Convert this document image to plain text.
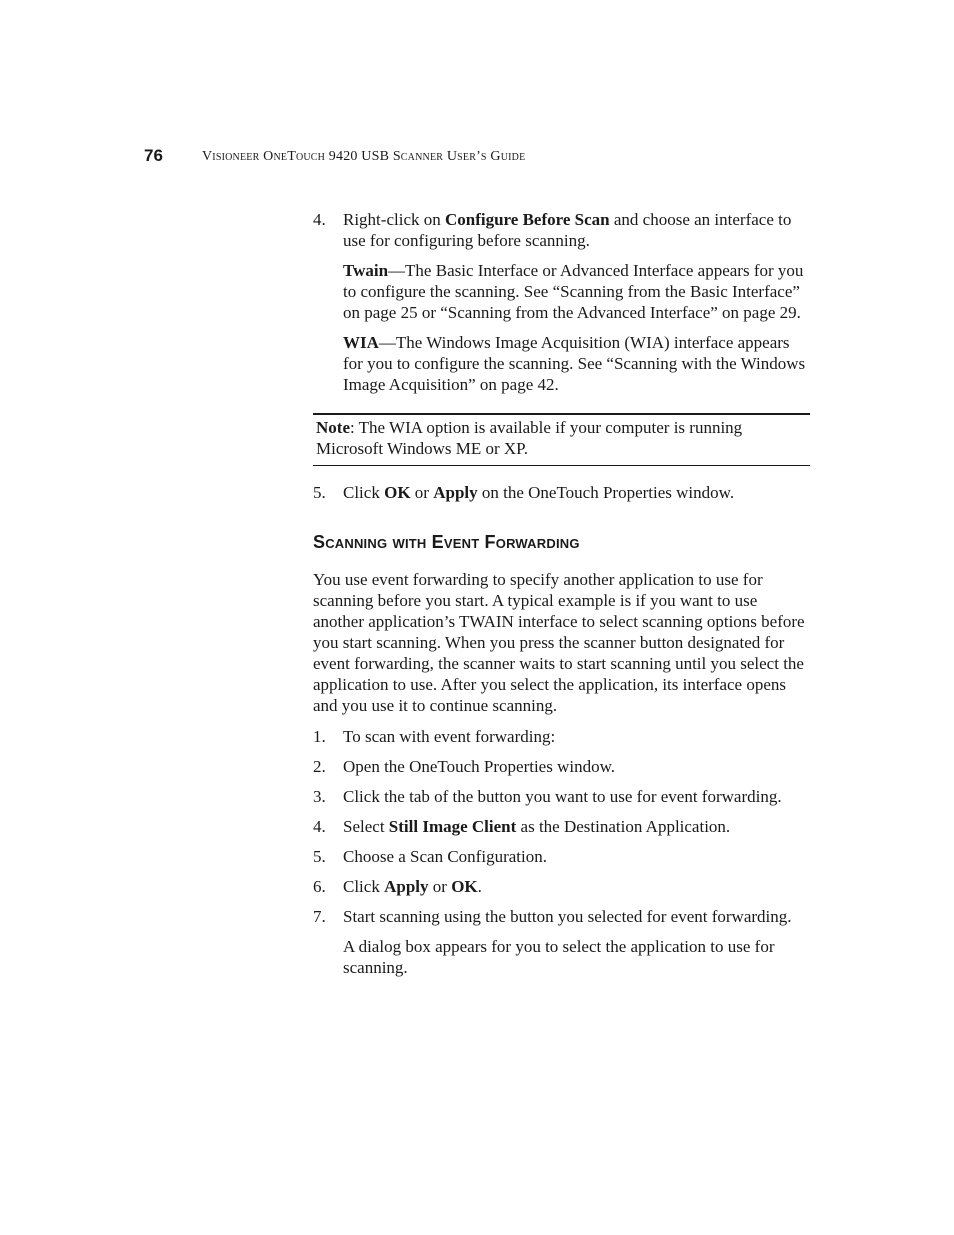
76	Visioneer OneTouch 9420 USB Scanner User’s Guide
4.	Right-click on Configure Before Scan and choose an interface to use for configuring before scanning.
Twain—The Basic Interface or Advanced Interface appears for you to configure the scanning. See “Scanning from the Basic Interface” on page 25 or “Scanning from the Advanced Interface” on page 29.
WIA—The Windows Image Acquisition (WIA) interface appears for you to configure the scanning. See “Scanning with the Windows Image Acquisition” on page 42.
Note: The WIA option is available if your computer is running Microsoft Windows ME or XP.
5.	Click OK or Apply on the OneTouch Properties window.
Scanning with Event Forwarding
You use event forwarding to specify another application to use for scanning before you start. A typical example is if you want to use another application’s TWAIN interface to select scanning options before you start scanning. When you press the scanner button designated for event forwarding, the scanner waits to start scanning until you select the application to use. After you select the application, its interface opens and you use it to continue scanning.
1.	To scan with event forwarding:
2.	Open the OneTouch Properties window.
3.	Click the tab of the button you want to use for event forwarding.
4.	Select Still Image Client as the Destination Application.
5.	Choose a Scan Configuration.
6.	Click Apply or OK.
7.	Start scanning using the button you selected for event forwarding.
A dialog box appears for you to select the application to use for scanning.
